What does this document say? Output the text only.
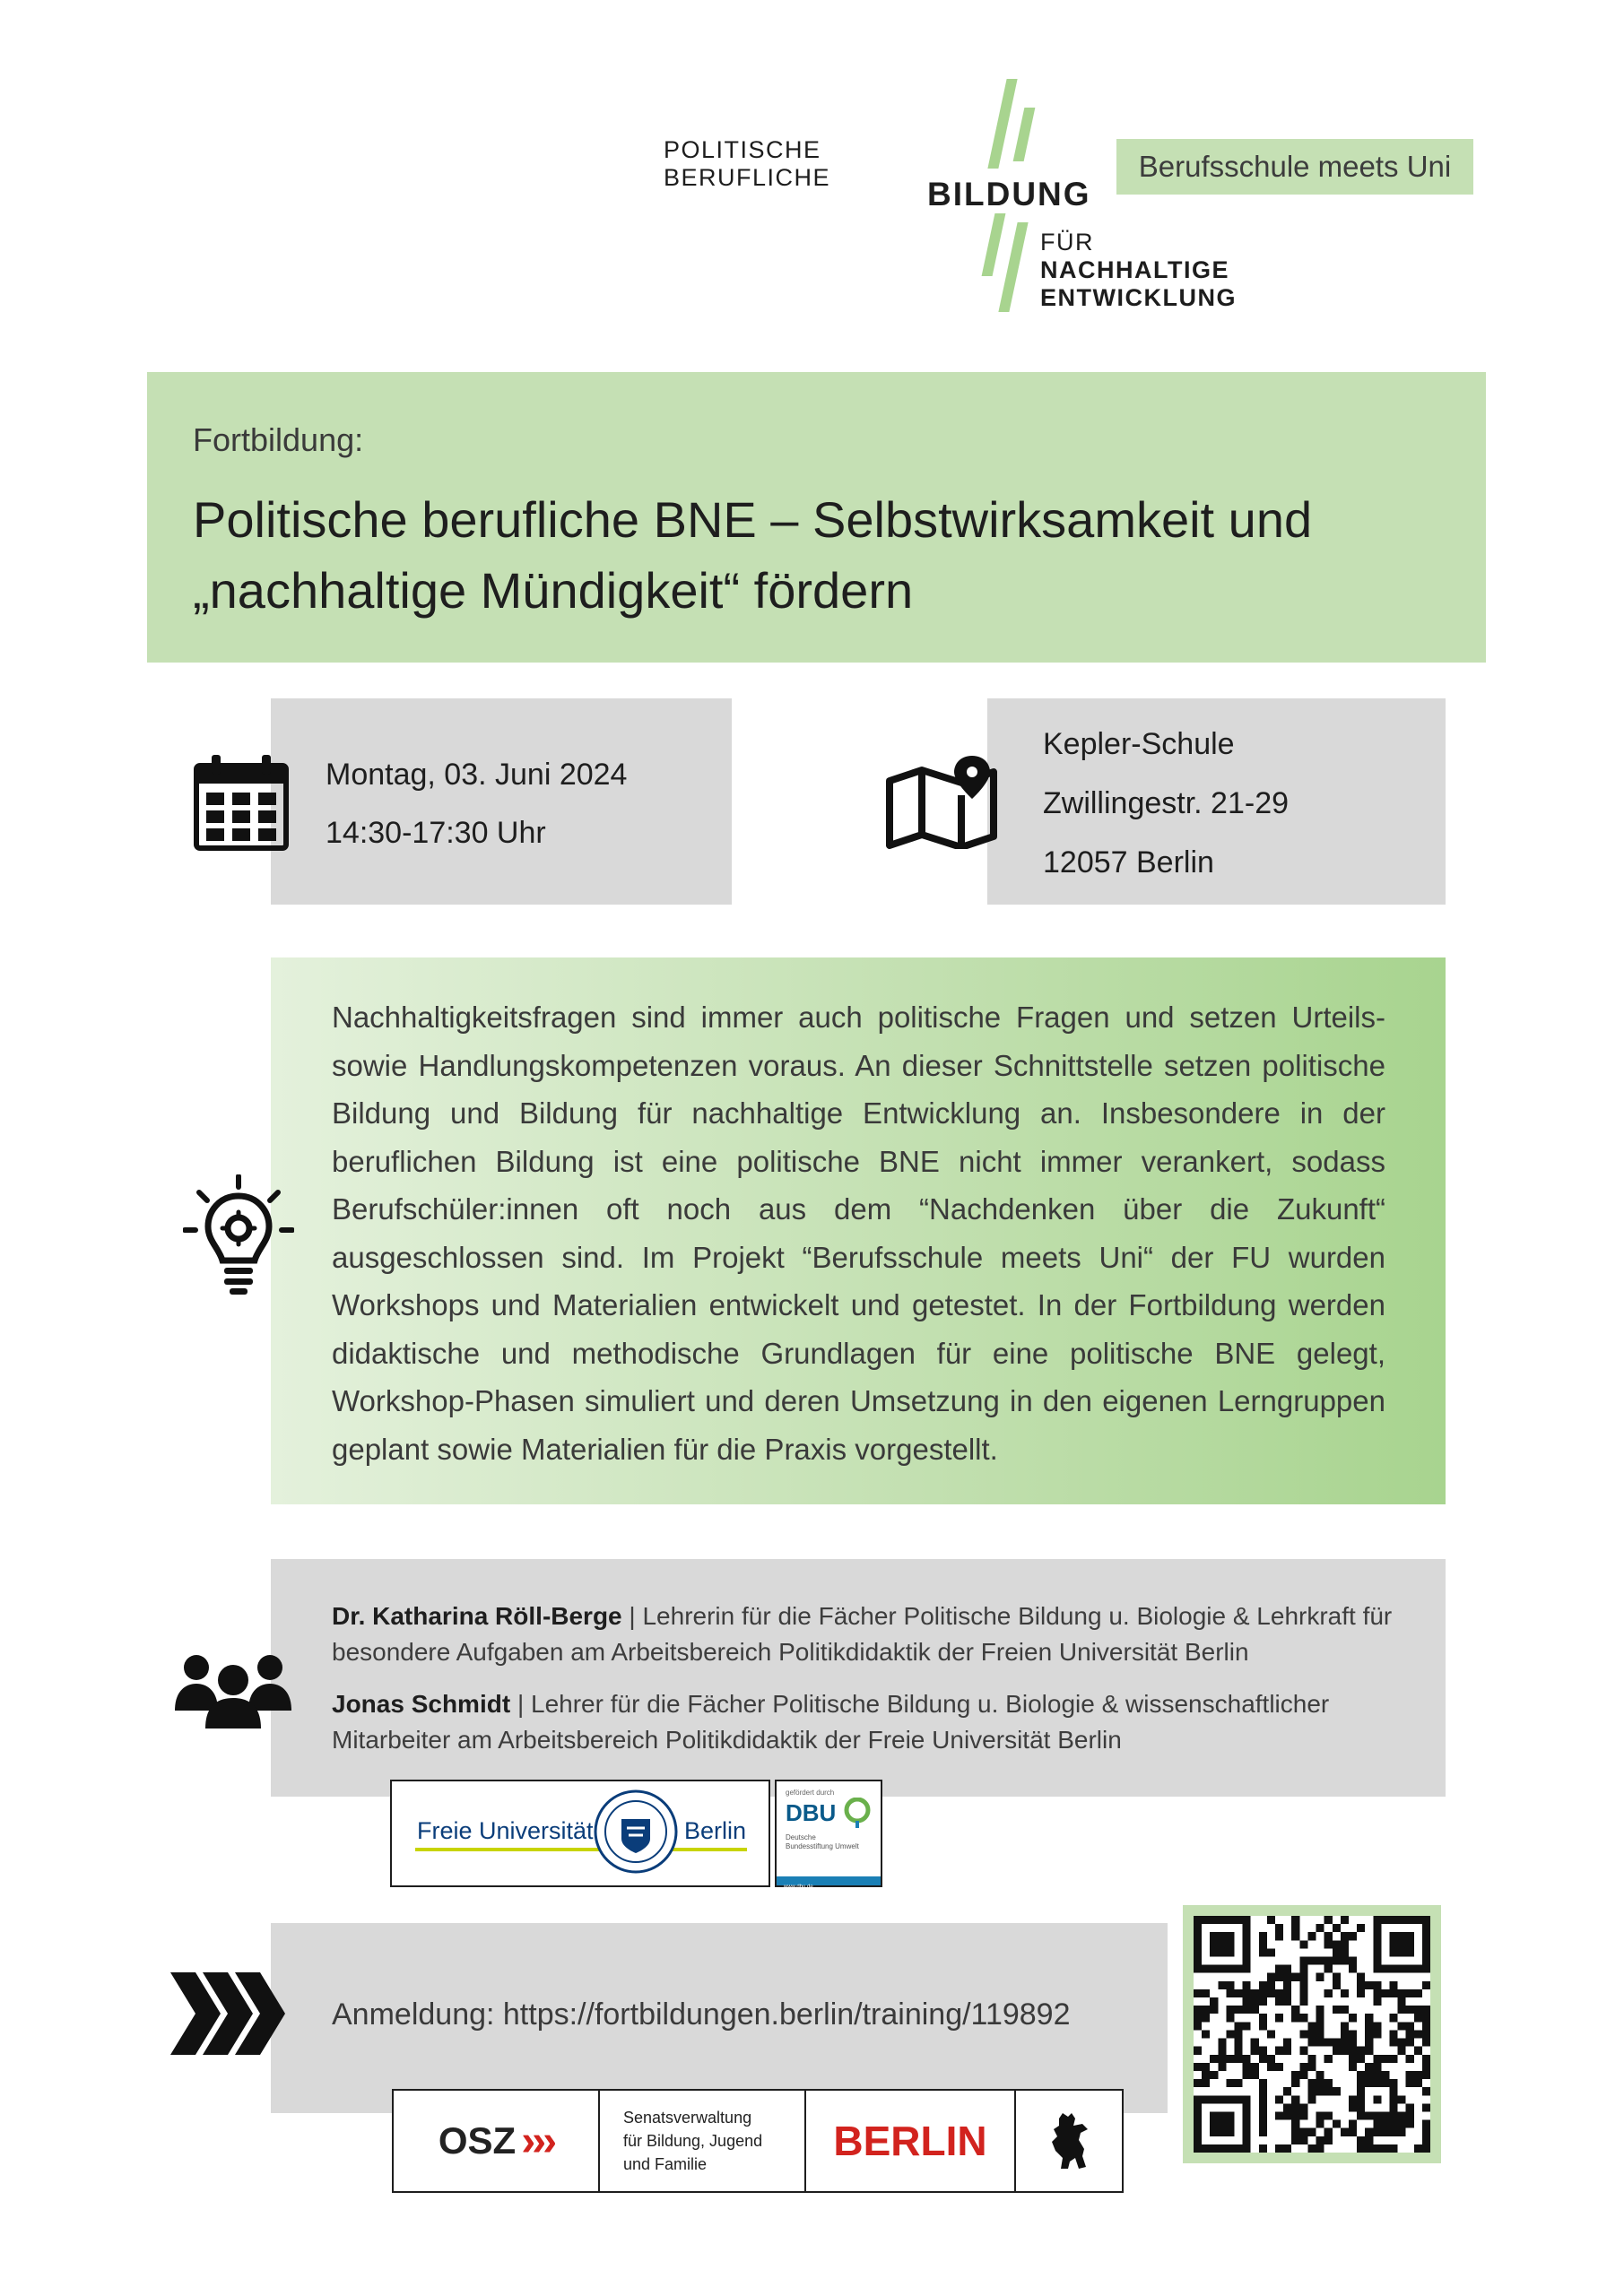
POLITISCHE BERUFLICHE	BILDUNG
FÜR NACHHALTIGE ENTWICKLUNG
Berufsschule meets Uni
Fortbildung:
Politische berufliche BNE – Selbstwirksamkeit und
„nachhaltige Mündigkeit“ fördern
Montag, 03. Juni 2024
14:30-17:30 Uhr
Kepler-Schule
Zwillingestr. 21-29
12057 Berlin
Nachhaltigkeitsfragen sind immer auch politische Fragen und setzen Urteils- sowie Handlungskompetenzen voraus. An dieser Schnittstelle setzen politische Bildung und Bildung für nachhaltige Entwicklung an. Insbesondere in der beruflichen Bildung ist eine politische BNE nicht immer verankert, sodass Berufschüler:innen oft noch aus dem “Nachdenken über die Zukunft“ ausgeschlossen sind. Im Projekt “Berufsschule meets Uni“ der FU wurden Workshops und Materialien entwickelt und getestet. In der Fortbildung werden didaktische und methodische Grundlagen für eine politische BNE gelegt, Workshop-Phasen simuliert und deren Umsetzung in den eigenen Lerngruppen geplant sowie Materialien für die Praxis vorgestellt.
Dr. Katharina Röll-Berge | Lehrerin für die Fächer Politische Bildung u. Biologie & Lehrkraft für besondere Aufgaben am Arbeitsbereich Politikdidaktik der Freien Universität Berlin
Jonas Schmidt | Lehrer für die Fächer Politische Bildung u. Biologie & wissenschaftlicher Mitarbeiter am Arbeitsbereich Politikdidaktik der Freie Universität Berlin
Freie Universität	Berlin
gefördert durch
DBU
Deutsche
Bundesstiftung Umwelt
www.dbu.de
Anmeldung: https://fortbildungen.berlin/training/119892
OSZ ›››	Senatsverwaltung
für Bildung, Jugend
und Familie	BERLIN
